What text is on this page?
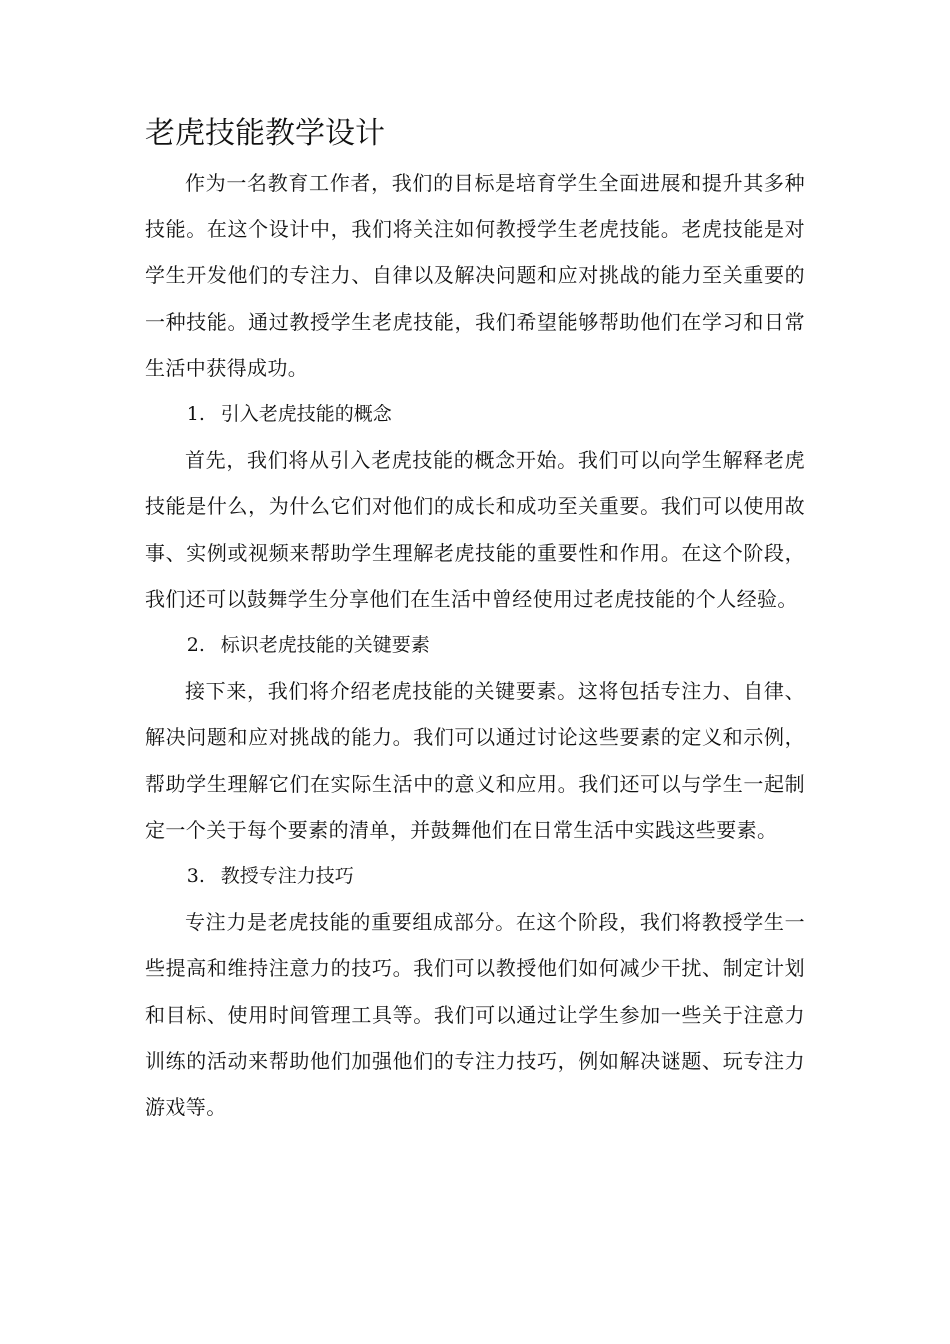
老虎技能教学设计

作为一名教育工作者，我们的目标是培育学生全面进展和提升其多种技能。在这个设计中，我们将关注如何教授学生老虎技能。老虎技能是对学生开发他们的专注力、自律以及解决问题和应对挑战的能力至关重要的一种技能。通过教授学生老虎技能，我们希望能够帮助他们在学习和日常生活中获得成功。

1. 引入老虎技能的概念

首先，我们将从引入老虎技能的概念开始。我们可以向学生解释老虎技能是什么，为什么它们对他们的成长和成功至关重要。我们可以使用故事、实例或视频来帮助学生理解老虎技能的重要性和作用。在这个阶段，我们还可以鼓舞学生分享他们在生活中曾经使用过老虎技能的个人经验。

2. 标识老虎技能的关键要素

接下来，我们将介绍老虎技能的关键要素。这将包括专注力、自律、解决问题和应对挑战的能力。我们可以通过讨论这些要素的定义和示例，帮助学生理解它们在实际生活中的意义和应用。我们还可以与学生一起制定一个关于每个要素的清单，并鼓舞他们在日常生活中实践这些要素。

3. 教授专注力技巧

专注力是老虎技能的重要组成部分。在这个阶段，我们将教授学生一些提高和维持注意力的技巧。我们可以教授他们如何减少干扰、制定计划和目标、使用时间管理工具等。我们可以通过让学生参加一些关于注意力训练的活动来帮助他们加强他们的专注力技巧，例如解决谜题、玩专注力游戏等。
